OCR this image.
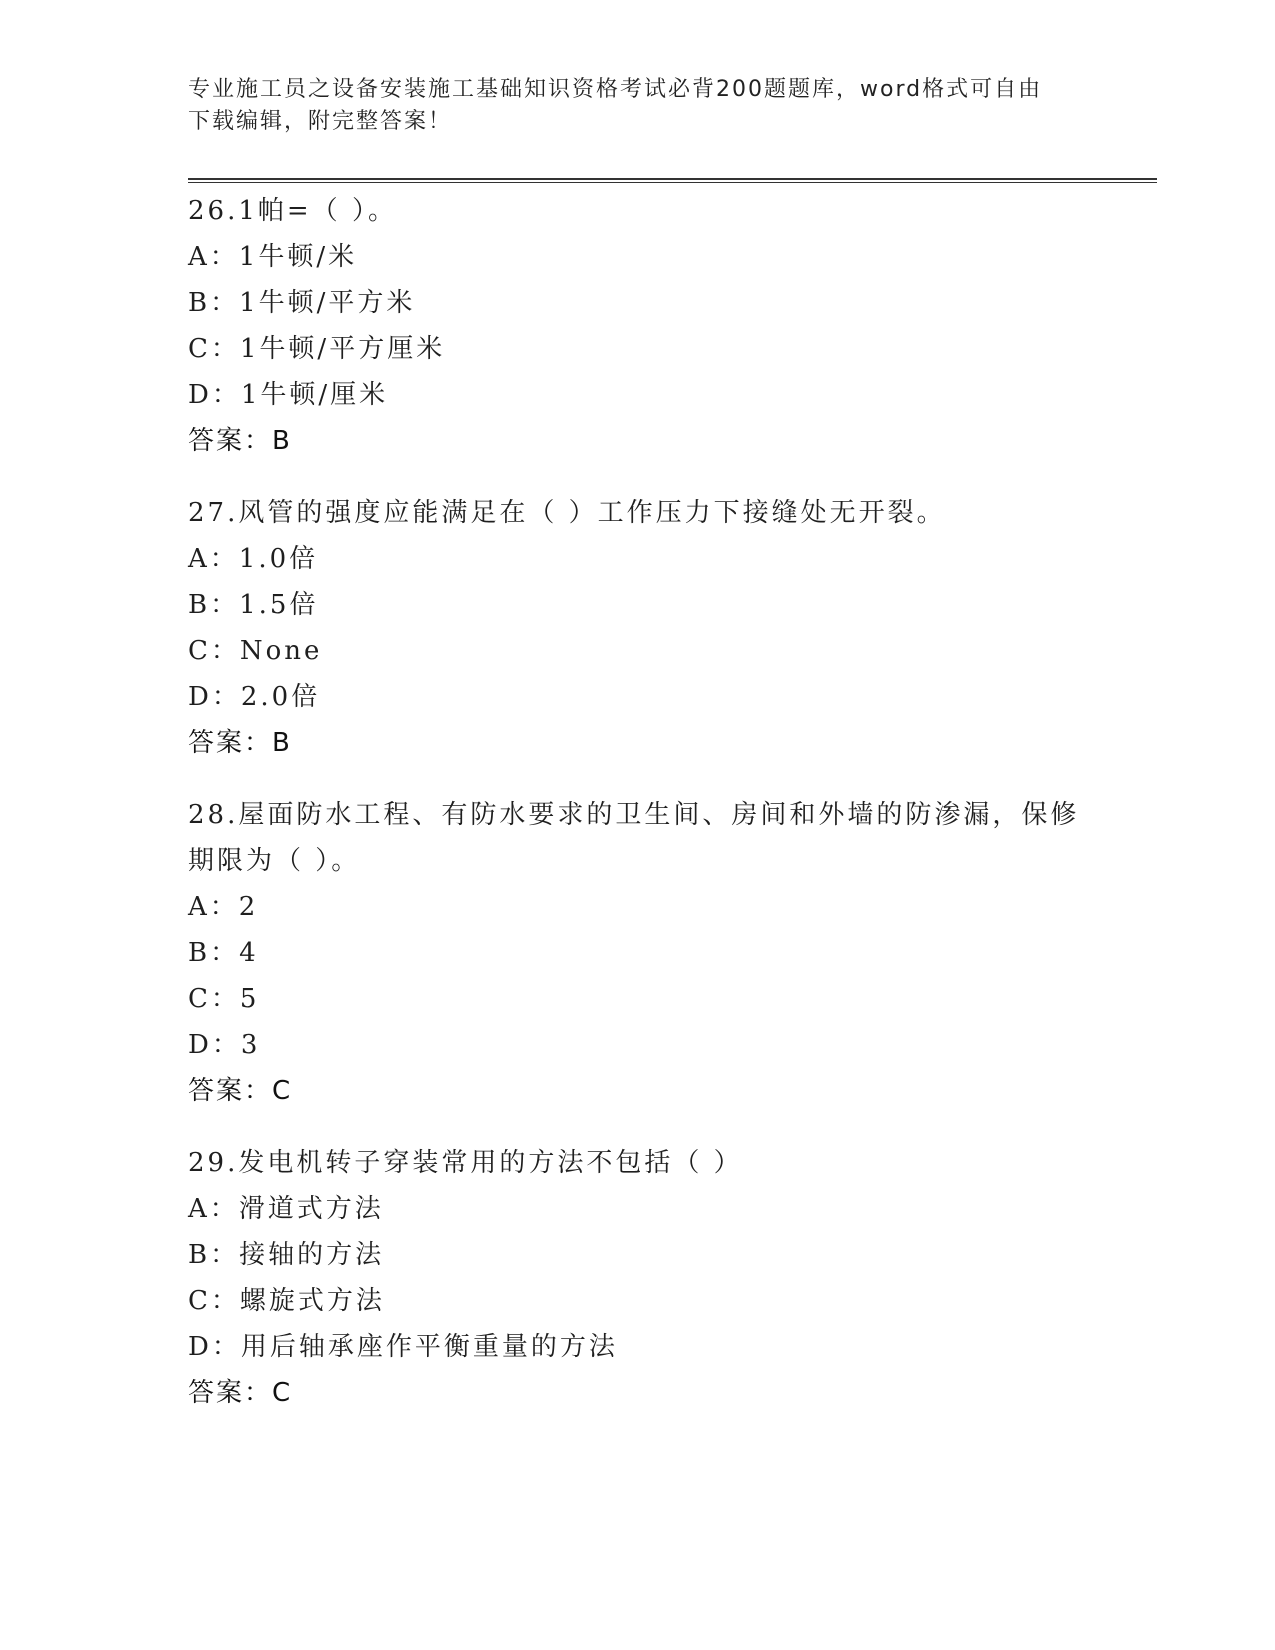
专业施工员之设备安装施工基础知识资格考试必背200题题库，word格式可自由
下载编辑，附完整答案！

26.1帕=（ ）。

A：1牛顿/米

B：1牛顿/平方米

C：1牛顿/平方厘米

D：1牛顿/厘米

答案：B

27.风管的强度应能满足在（ ）工作压力下接缝处无开裂。

A：1.0倍

B：1.5倍

C：None

D：2.0倍

答案：B

28.屋面防水工程、有防水要求的卫生间、房间和外墙的防渗漏，保修

期限为（ ）。

A：2

B：4

C：5

D：3

答案：C

29.发电机转子穿装常用的方法不包括（ ）

A：滑道式方法

B：接轴的方法

C：螺旋式方法

D：用后轴承座作平衡重量的方法

答案：C
